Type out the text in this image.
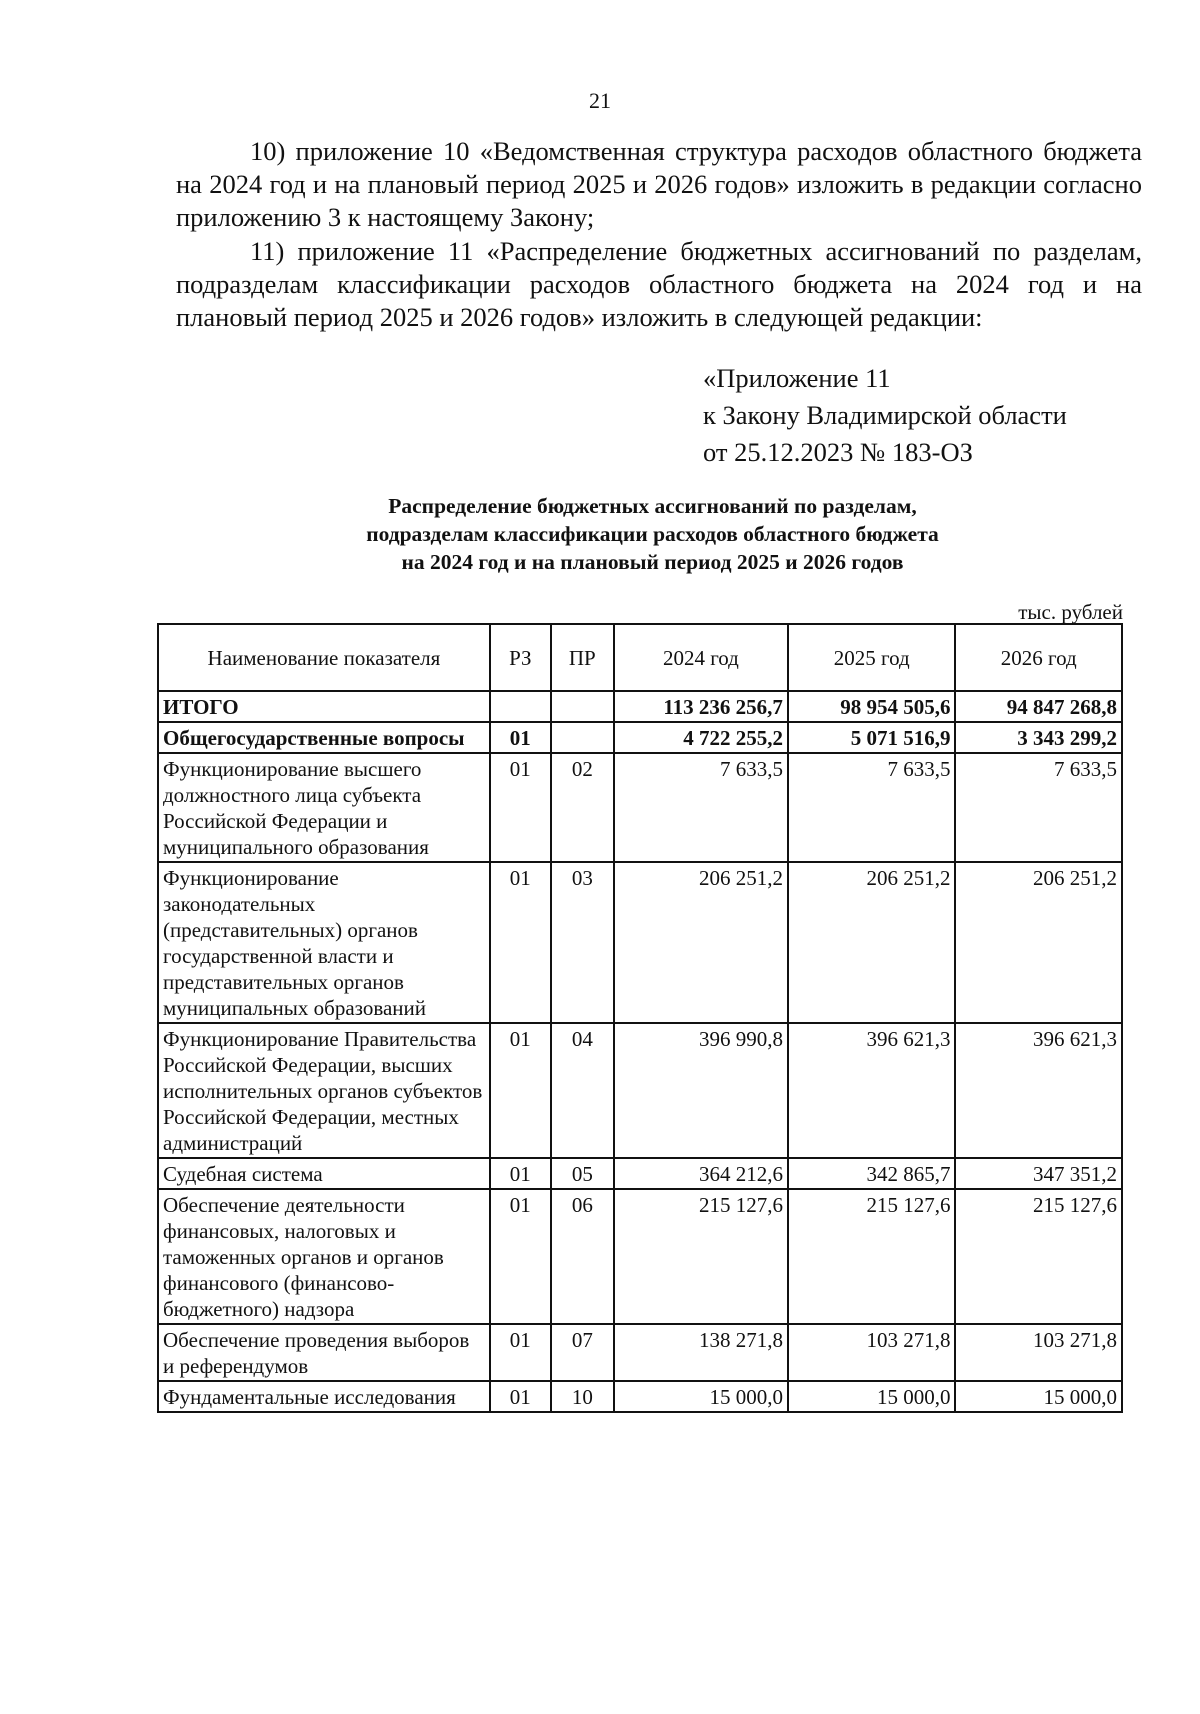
21

10) приложение 10 «Ведомственная структура расходов областного бюджета на 2024 год и на плановый период 2025 и 2026 годов» изложить в редакции согласно приложению 3 к настоящему Закону;

11) приложение 11 «Распределение бюджетных ассигнований по разделам, подразделам классификации расходов областного бюджета на 2024 год и на плановый период 2025 и 2026 годов» изложить в следующей редакции:

«Приложение 11
к Закону Владимирской области
от 25.12.2023 № 183-ОЗ
Распределение бюджетных ассигнований по разделам,
подразделам классификации расходов областного бюджета
на 2024 год и на плановый период 2025 и 2026 годов
тыс. рублей
Наименование показателя	РЗ	ПР	2024 год	2025 год	2026 год
ИТОГО			113 236 256,7	98 954 505,6	94 847 268,8
Общегосударственные вопросы	01		4 722 255,2	5 071 516,9	3 343 299,2
Функционирование высшего должностного лица субъекта Российской Федерации и муниципального образования	01	02	7 633,5	7 633,5	7 633,5
Функционирование законодательных (представительных) органов государственной власти и представительных органов муниципальных образований	01	03	206 251,2	206 251,2	206 251,2
Функционирование Правительства Российской Федерации, высших исполнительных органов субъектов Российской Федерации, местных администраций	01	04	396 990,8	396 621,3	396 621,3
Судебная система	01	05	364 212,6	342 865,7	347 351,2
Обеспечение деятельности финансовых, налоговых и таможенных органов и органов финансового (финансово-бюджетного) надзора	01	06	215 127,6	215 127,6	215 127,6
Обеспечение проведения выборов и референдумов	01	07	138 271,8	103 271,8	103 271,8
Фундаментальные исследования	01	10	15 000,0	15 000,0	15 000,0
